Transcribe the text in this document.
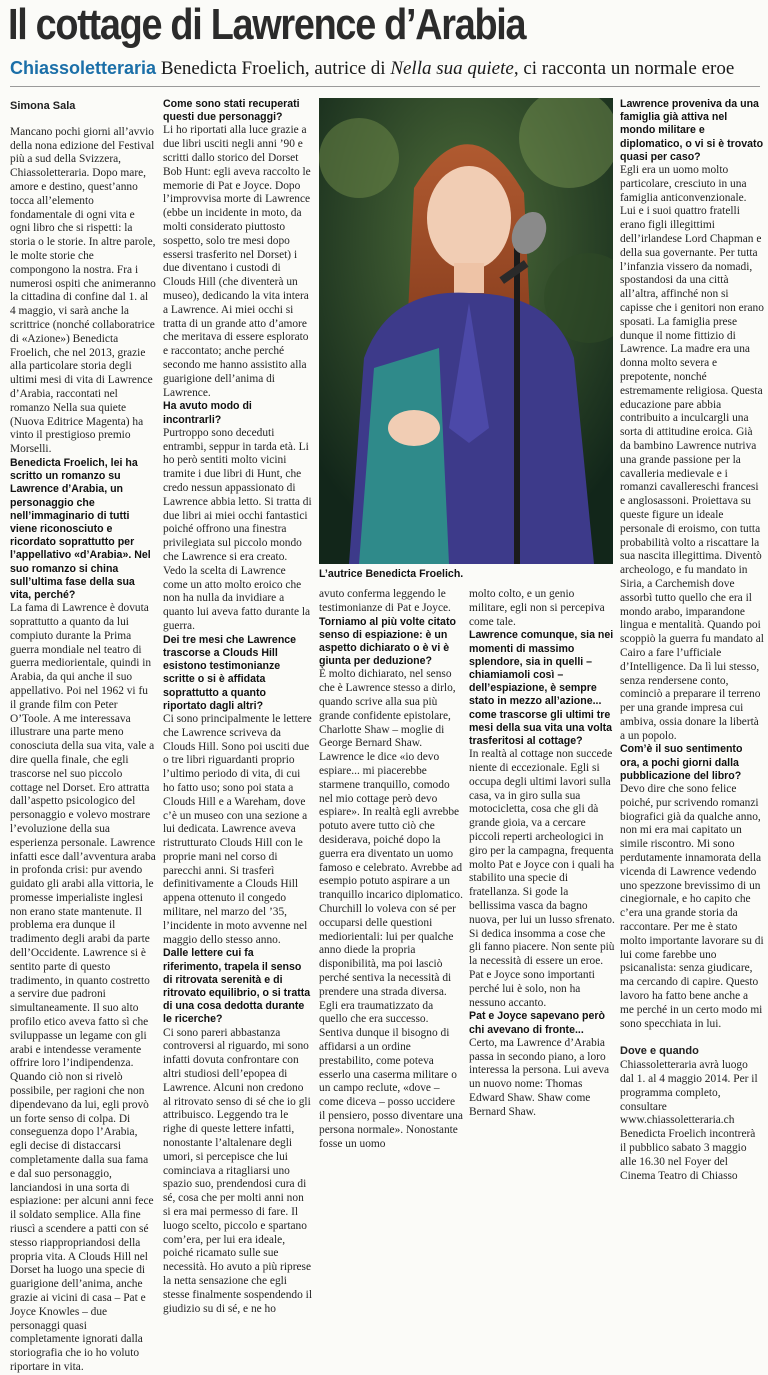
Il cottage di Lawrence d’Arabia
Chiassoletteraria Benedicta Froelich, autrice di Nella sua quiete, ci racconta un normale eroe

Simona Sala

Mancano pochi giorni all’avvio della nona edizione del Festival più a sud della Svizzera, Chiassoletteraria. Dopo mare, amore e destino, quest’anno tocca all’elemento fondamentale di ogni vita e ogni libro che si rispetti: la storia o le storie. In altre parole, le molte storie che compongono la nostra. Fra i numerosi ospiti che animeranno la cittadina di confine dal 1. al 4 maggio, vi sarà anche la scrittrice (nonché collaboratrice di «Azione») Benedicta Froelich, che nel 2013, grazie alla particolare storia degli ultimi mesi di vita di Lawrence d’Arabia, raccontati nel romanzo Nella sua quiete (Nuova Editrice Magenta) ha vinto il prestigioso premio Morselli.

Benedicta Froelich, lei ha scritto un romanzo su Lawrence d’Arabia, un personaggio che nell’immaginario di tutti viene riconosciuto e ricordato soprattutto per l’appellativo «d’Arabia». Nel suo romanzo si china sull’ultima fase della sua vita, perché?

La fama di Lawrence è dovuta soprattutto a quanto da lui compiuto durante la Prima guerra mondiale nel teatro di guerra mediorientale, quindi in Arabia, da qui anche il suo appellativo. Poi nel 1962 vi fu il grande film con Peter O’Toole. A me interessava illustrare una parte meno conosciuta della sua vita, vale a dire quella finale, che egli trascorse nel suo piccolo cottage nel Dorset. Ero attratta dall’aspetto psicologico del personaggio e volevo mostrare l’evoluzione della sua esperienza personale. Lawrence infatti esce dall’avventura araba in profonda crisi: pur avendo guidato gli arabi alla vittoria, le promesse imperialiste inglesi non erano state mantenute. Il problema era dunque il tradimento degli arabi da parte dell’Occidente. Lawrence si è sentito parte di questo tradimento, in quanto costretto a servire due padroni simultaneamente. Il suo alto profilo etico aveva fatto sì che sviluppasse un legame con gli arabi e intendesse veramente offrire loro l’indipendenza. Quando ciò non si rivelò possibile, per ragioni che non dipendevano da lui, egli provò un forte senso di colpa. Di conseguenza dopo l’Arabia, egli decise di distaccarsi completamente dalla sua fama e dal suo personaggio, lanciandosi in una sorta di espiazione: per alcuni anni fece il soldato semplice. Alla fine riuscì a scendere a patti con sé stesso riappropriandosi della propria vita. A Clouds Hill nel Dorset ha luogo una specie di guarigione dell’anima, anche grazie ai vicini di casa – Pat e Joyce Knowles – due personaggi quasi completamente ignorati dalla storiografia che io ho voluto riportare in vita.

Come sono stati recuperati questi due personaggi?

Li ho riportati alla luce grazie a due libri usciti negli anni ’90 e scritti dallo storico del Dorset Bob Hunt: egli aveva raccolto le memorie di Pat e Joyce. Dopo l’improvvisa morte di Lawrence (ebbe un incidente in moto, da molti considerato piuttosto sospetto, solo tre mesi dopo essersi trasferito nel Dorset) i due diventano i custodi di Clouds Hill (che diventerà un museo), dedicando la vita intera a Lawrence. Ai miei occhi si tratta di un grande atto d’amore che meritava di essere esplorato e raccontato; anche perché secondo me hanno assistito alla guarigione dell’anima di Lawrence.

Ha avuto modo di incontrarli?

Purtroppo sono deceduti entrambi, seppur in tarda età. Li ho però sentiti molto vicini tramite i due libri di Hunt, che credo nessun appassionato di Lawrence abbia letto. Si tratta di due libri ai miei occhi fantastici poiché offrono una finestra privilegiata sul piccolo mondo che Lawrence si era creato. Vedo la scelta di Lawrence come un atto molto eroico che non ha nulla da invidiare a quanto lui aveva fatto durante la guerra.

Dei tre mesi che Lawrence trascorse a Clouds Hill esistono testimonianze scritte o si è affidata soprattutto a quanto riportato dagli altri?

Ci sono principalmente le lettere che Lawrence scriveva da Clouds Hill. Sono poi usciti due o tre libri riguardanti proprio l’ultimo periodo di vita, di cui ho fatto uso; sono poi stata a Clouds Hill e a Wareham, dove c’è un museo con una sezione a lui dedicata. Lawrence aveva ristrutturato Clouds Hill con le proprie mani nel corso di parecchi anni. Si trasferì definitivamente a Clouds Hill appena ottenuto il congedo militare, nel marzo del ’35, l’incidente in moto avvenne nel maggio dello stesso anno.

Dalle lettere cui fa riferimento, trapela il senso di ritrovata serenità e di ritrovato equilibrio, o si tratta di una cosa dedotta durante le ricerche?

Ci sono pareri abbastanza controversi al riguardo, mi sono infatti dovuta confrontare con altri studiosi dell’epopea di Lawrence. Alcuni non credono al ritrovato senso di sé che io gli attribuisco. Leggendo tra le righe di queste lettere infatti, nonostante l’altalenare degli umori, si percepisce che lui cominciava a ritagliarsi uno spazio suo, prendendosi cura di sé, cosa che per molti anni non si era mai permesso di fare. Il luogo scelto, piccolo e spartano com’era, per lui era ideale, poiché ricamato sulle sue necessità. Ho avuto a più riprese la netta sensazione che egli stesse finalmente sospendendo il giudizio su di sé, e ne ho

L’autrice Benedicta Froelich.

avuto conferma leggendo le testimonianze di Pat e Joyce.

Torniamo al più volte citato senso di espiazione: è un aspetto dichiarato o è vi è giunta per deduzione?

È molto dichiarato, nel senso che è Lawrence stesso a dirlo, quando scrive alla sua più grande confidente epistolare, Charlotte Shaw – moglie di George Bernard Shaw. Lawrence le dice «io devo espiare... mi piacerebbe starmene tranquillo, comodo nel mio cottage però devo espiare». In realtà egli avrebbe potuto avere tutto ciò che desiderava, poiché dopo la guerra era diventato un uomo famoso e celebrato. Avrebbe ad esempio potuto aspirare a un tranquillo incarico diplomatico. Churchill lo voleva con sé per occuparsi delle questioni mediorientali: lui per qualche anno diede la propria disponibilità, ma poi lasciò perché sentiva la necessità di prendere una strada diversa. Egli era traumatizzato da quello che era successo. Sentiva dunque il bisogno di affidarsi a un ordine prestabilito, come poteva esserlo una caserma militare o un campo reclute, «dove – come diceva – posso uccidere il pensiero, posso diventare una persona normale». Nonostante fosse un uomo

molto colto, e un genio militare, egli non si percepiva come tale.

Lawrence comunque, sia nei momenti di massimo splendore, sia in quelli – chiamiamoli così – dell’espiazione, è sempre stato in mezzo all’azione... come trascorse gli ultimi tre mesi della sua vita una volta trasferitosi al cottage?

In realtà al cottage non succede niente di eccezionale. Egli si occupa degli ultimi lavori sulla casa, va in giro sulla sua motocicletta, cosa che gli dà grande gioia, va a cercare piccoli reperti archeologici in giro per la campagna, frequenta molto Pat e Joyce con i quali ha stabilito una specie di fratellanza. Si gode la bellissima vasca da bagno nuova, per lui un lusso sfrenato. Si dedica insomma a cose che gli fanno piacere. Non sente più la necessità di essere un eroe. Pat e Joyce sono importanti perché lui è solo, non ha nessuno accanto.

Pat e Joyce sapevano però chi avevano di fronte...

Certo, ma Lawrence d’Arabia passa in secondo piano, a loro interessa la persona. Lui aveva un nuovo nome: Thomas Edward Shaw. Shaw come Bernard Shaw.

Lawrence proveniva da una famiglia già attiva nel mondo militare e diplomatico, o vi si è trovato quasi per caso?

Egli era un uomo molto particolare, cresciuto in una famiglia anticonvenzionale. Lui e i suoi quattro fratelli erano figli illegittimi dell’irlandese Lord Chapman e della sua governante. Per tutta l’infanzia vissero da nomadi, spostandosi da una città all’altra, affinché non si capisse che i genitori non erano sposati. La famiglia prese dunque il nome fittizio di Lawrence. La madre era una donna molto severa e prepotente, nonché estremamente religiosa. Questa educazione pare abbia contribuito a inculcargli una sorta di attitudine eroica. Già da bambino Lawrence nutriva una grande passione per la cavalleria medievale e i romanzi cavallereschi francesi e anglosassoni. Proiettava su queste figure un ideale personale di eroismo, con tutta probabilità volto a riscattare la sua nascita illegittima. Diventò archeologo, e fu mandato in Siria, a Carchemish dove assorbì tutto quello che era il mondo arabo, imparandone lingua e mentalità. Quando poi scoppiò la guerra fu mandato al Cairo a fare l’ufficiale d’Intelligence. Da lì lui stesso, senza rendersene conto, cominciò a preparare il terreno per una grande impresa cui ambiva, ossia donare la libertà a un popolo.

Com’è il suo sentimento ora, a pochi giorni dalla pubblicazione del libro?

Devo dire che sono felice poiché, pur scrivendo romanzi biografici già da qualche anno, non mi era mai capitato un simile riscontro. Mi sono perdutamente innamorata della vicenda di Lawrence vedendo uno spezzone brevissimo di un cinegiornale, e ho capito che c’era una grande storia da raccontare. Per me è stato molto importante lavorare su di lui come farebbe uno psicanalista: senza giudicare, ma cercando di capire. Questo lavoro ha fatto bene anche a me perché in un certo modo mi sono specchiata in lui.

Dove e quando

Chiassoletteraria avrà luogo dal 1. al 4 maggio 2014. Per il programma completo, consultare www.chiassoletteraria.ch Benedicta Froelich incontrerà il pubblico sabato 3 maggio alle 16.30 nel Foyer del Cinema Teatro di Chiasso
